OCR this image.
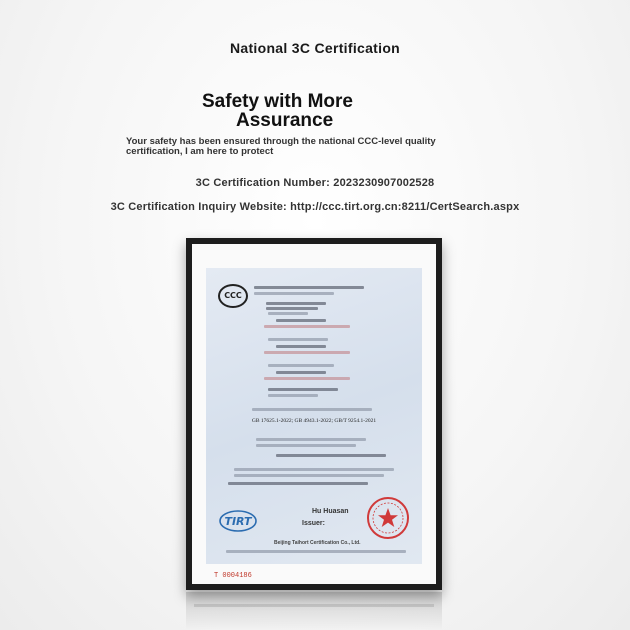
National 3C Certification
Safety with More
Assurance
Your safety has been ensured through the national CCC-level quality certification, I am here to protect
3C Certification Number: 2023230907002528
3C Certification Inquiry Website: http://ccc.tirt.org.cn:8211/CertSearch.aspx
CCC
GB 17625.1-2022; GB 4943.1-2022; GB/T 9254.1-2021
TIRT
Hu Huasan
Issuer:
Beijing Taihort Certification Co., Ltd.
T 0004186
